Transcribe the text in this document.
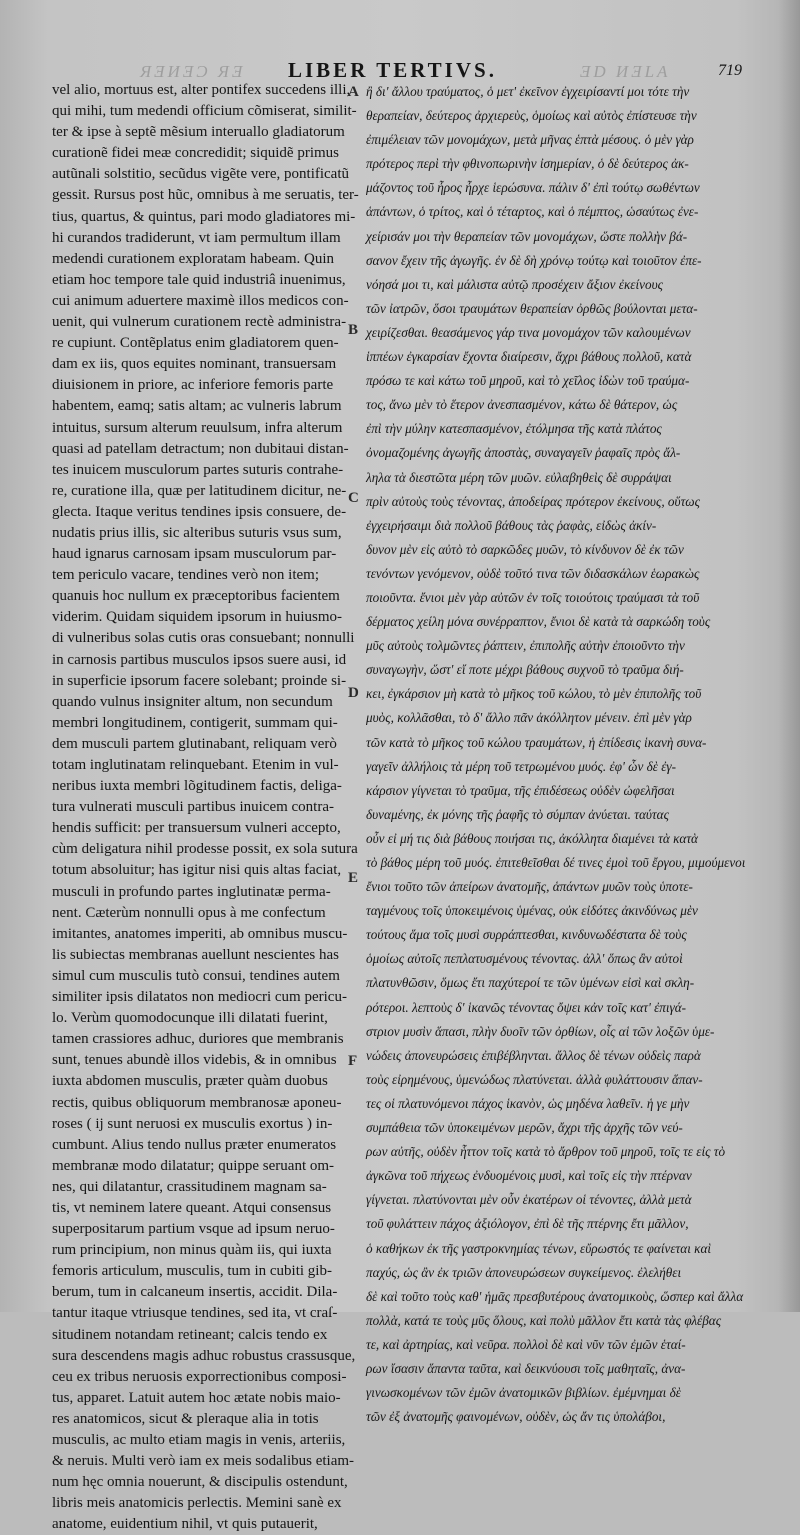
ЯƎИƎƆ ЯƎ LIBER TERTIVS.	ƎD ИƎLA	719
vel alio, mortuus est, alter pontifex succedens illi,
qui mihi, tum medendi officium cõmiserat, similit-
ter & ipse à septẽ mẽsium interuallo gladiatorum
curationẽ fidei meæ concredidit; siquidẽ primus
autũnali solstitio, secũdus vigẽte vere, pontificatũ
gessit. Rursus post hũc, omnibus à me seruatis, ter-
tius, quartus, & quintus, pari modo gladiatores mi-
hi curandos tradiderunt, vt iam permultum illam
medendi curationem exploratam habeam. Quin
etiam hoc tempore tale quid industriâ inuenimus,
cui animum aduertere maximè illos medicos con-
uenit, qui vulnerum curationem rectè administra-
re cupiunt. Contẽplatus enim gladiatorem quen-
dam ex iis, quos equites nominant, transuersam
diuisionem in priore, ac inferiore femoris parte
habentem, eamq; satis altam; ac vulneris labrum
intuitus, sursum alterum reuulsum, infra alterum
quasi ad patellam detractum; non dubitaui distan-
tes inuicem musculorum partes suturis contrahe-
re, curatione illa, quæ per latitudinem dicitur, ne-
glecta. Itaque veritus tendines ipsis consuere, de-
nudatis prius illis, sic alteribus suturis vsus sum,
haud ignarus carnosam ipsam musculorum par-
tem periculo vacare, tendines verò non item;
quanuis hoc nullum ex præceptoribus facientem
viderim. Quidam siquidem ipsorum in huiusmo-
di vulneribus solas cutis oras consuebant; nonnulli
in carnosis partibus musculos ipsos suere ausi, id
in superficie ipsorum facere solebant; proinde si-
quando vulnus insigniter altum, non secundum
membri longitudinem, contigerit, summam qui-
dem musculi partem glutinabant, reliquam verò
totam inglutinatam relinquebant. Etenim in vul-
neribus iuxta membri lõgitudinem factis, deliga-
tura vulnerati musculi partibus inuicem contra-
hendis sufficit: per transuersum vulneri accepto,
cùm deligatura nihil prodesse possit, ex sola sutura
totum absoluitur; has igitur nisi quis altas faciat,
musculi in profundo partes inglutinatæ perma-
nent. Cæterùm nonnulli opus à me confectum
imitantes, anatomes imperiti, ab omnibus muscu-
lis subiectas membranas auellunt nescientes has
simul cum musculis tutò consui, tendines autem
similiter ipsis dilatatos non mediocri cum pericu-
lo. Verùm quomodocunque illi dilatati fuerint,
tamen crassiores adhuc, duriores que membranis
sunt, tenues abundè illos videbis, & in omnibus
iuxta abdomen musculis, præter quàm duobus
rectis, quibus obliquorum membranosæ aponeu-
roses ( ij sunt neruosi ex musculis exortus ) in-
cumbunt. Alius tendo nullus præter enumeratos
membranæ modo dilatatur; quippe seruant om-
nes, qui dilatantur, crassitudinem magnam sa-
tis, vt neminem latere queant. Atqui consensus
superpositarum partium vsque ad ipsum neruo-
rum principium, non minus quàm iis, qui iuxta
femoris articulum, musculis, tum in cubiti gib-
berum, tum in calcaneum insertis, accidit. Dila-
tantur itaque vtriusque tendines, sed ita, vt craſ-
situdinem notandam retineant; calcis tendo ex
sura descendens magis adhuc robustus crassusque,
ceu ex tribus neruosis exporrectionibus composi-
tus, apparet. Latuit autem hoc ætate nobis maio-
res anatomicos, sicut & pleraque alia in totis
musculis, ac multo etiam magis in venis, arteriis,
& neruis. Multi verò iam ex meis sodalibus etiam-
num hęc omnia nouerunt, & discipulis ostendunt,
libris meis anatomicis perlectis. Memini sanè ex
anatome, euidentium nihil, vt quis putauerit,
A
B
C
D
E
F
ἢ δι' ἄλλου τραύματος, ὁ μετ' ἐκεῖνον ἐγχειρίσαντί μοι τότε τὴν
θεραπείαν, δεύτερος ἀρχιερεὺς, ὁμοίως καὶ αὐτὸς ἐπίστευσε τὴν
ἐπιμέλειαν τῶν μονομάχων, μετὰ μῆνας ἑπτὰ μέσους. ὁ μὲν γὰρ
πρότερος περὶ τὴν φθινοπωρινὴν ἰσημερίαν, ὁ δὲ δεύτερος ἀκ-
μάζοντος τοῦ ἦρος ἦρχε ἱερώσυνα. πάλιν δ' ἐπὶ τούτῳ σωθέντων
ἁπάντων, ὁ τρίτος, καὶ ὁ τέταρτος, καὶ ὁ πέμπτος, ὡσαύτως ἐνε-
χείρισάν μοι τὴν θεραπείαν τῶν μονομάχων, ὥστε πολλὴν βά-
σανον ἔχειν τῆς ἀγωγῆς. ἐν δὲ δὴ χρόνῳ τούτῳ καὶ τοιοῦτον ἐπε-
νόησά μοι τι, καὶ μάλιστα αὐτῷ προσέχειν ἄξιον ἐκείνους
τῶν ἰατρῶν, ὅσοι τραυμάτων θεραπείαν ὀρθῶς βούλονται μετα-
χειρίζεσθαι. θεασάμενος γάρ τινα μονομάχον τῶν καλουμένων
ἱππέων ἐγκαρσίαν ἔχοντα διαίρεσιν, ἄχρι βάθους πολλοῦ, κατὰ
πρόσω τε καὶ κάτω τοῦ μηροῦ, καὶ τὸ χεῖλος ἰδὼν τοῦ τραύμα-
τος, ἄνω μὲν τὸ ἕτερον ἀνεσπασμένον, κάτω δὲ θάτερον, ὡς
ἐπὶ τὴν μύλην κατεσπασμένον, ἐτόλμησα τῆς κατὰ πλάτος
ὀνομαζομένης ἀγωγῆς ἀποστὰς, συναγαγεῖν ῥαφαῖς πρὸς ἄλ-
ληλα τὰ διεστῶτα μέρη τῶν μυῶν. εὐλαβηθεὶς δὲ συρράψαι
πρὶν αὐτοὺς τοὺς τένοντας, ἀποδείρας πρότερον ἐκείνους, οὕτως
ἐγχειρήσαιμι διὰ πολλοῦ βάθους τὰς ῥαφὰς, εἰδὼς ἀκίν-
δυνον μὲν εἰς αὐτὸ τὸ σαρκῶδες μυῶν, τὸ κίνδυνον δὲ ἐκ τῶν
τενόντων γενόμενον, οὐδὲ τοῦτό τινα τῶν διδασκάλων ἑωρακὼς
ποιοῦντα. ἔνιοι μὲν γὰρ αὐτῶν ἐν τοῖς τοιούτοις τραύμασι τὰ τοῦ
δέρματος χείλη μόνα συνέρραπτον, ἔνιοι δὲ κατὰ τὰ σαρκώδη τοὺς
μῦς αὐτοὺς τολμῶντες ῥάπτειν, ἐπιπολῆς αὐτὴν ἐποιοῦντο τὴν
συναγωγὴν, ὥστ' εἴ ποτε μέχρι βάθους συχνοῦ τὸ τραῦμα διή-
κει, ἐγκάρσιον μὴ κατὰ τὸ μῆκος τοῦ κώλου, τὸ μὲν ἐπιπολῆς τοῦ
μυὸς, κολλᾶσθαι, τὸ δ' ἄλλο πᾶν ἀκόλλητον μένειν. ἐπὶ μὲν γὰρ
τῶν κατὰ τὸ μῆκος τοῦ κώλου τραυμάτων, ἡ ἐπίδεσις ἱκανὴ συνα-
γαγεῖν ἀλλήλοις τὰ μέρη τοῦ τετρωμένου μυός. ἐφ' ὧν δὲ ἐγ-
κάρσιον γίγνεται τὸ τραῦμα, τῆς ἐπιδέσεως οὐδὲν ὠφελῆσαι
δυναμένης, ἐκ μόνης τῆς ῥαφῆς τὸ σύμπαν ἀνύεται. ταύτας
οὖν εἰ μή τις διὰ βάθους ποιήσαι τις, ἀκόλλητα διαμένει τὰ κατὰ
τὸ βάθος μέρη τοῦ μυός. ἐπιτεθεῖσθαι δέ τινες ἐμοὶ τοῦ ἔργου, μιμούμενοι
ἔνιοι τοῦτο τῶν ἀπείρων ἀνατομῆς, ἁπάντων μυῶν τοὺς ὑποτε-
ταγμένους τοῖς ὑποκειμένοις ὑμένας, οὐκ εἰδότες ἀκινδύνως μὲν
τούτους ἅμα τοῖς μυσὶ συρράπτεσθαι, κινδυνωδέστατα δὲ τοὺς
ὁμοίως αὐτοῖς πεπλατυσμένους τένοντας. ἀλλ' ὅπως ἂν αὐτοὶ
πλατυνθῶσιν, ὅμως ἔτι παχύτεροί τε τῶν ὑμένων εἰσὶ καὶ σκλη-
ρότεροι. λεπτοὺς δ' ἱκανῶς τένοντας ὄψει κἀν τοῖς κατ' ἐπιγά-
στριον μυσὶν ἅπασι, πλὴν δυοῖν τῶν ὀρθίων, οἷς αἱ τῶν λοξῶν ὑμε-
νώδεις ἀπονευρώσεις ἐπιβέβληνται. ἄλλος δὲ τένων οὐδεὶς παρὰ
τοὺς εἰρημένους, ὑμενώδως πλατύνεται. ἀλλὰ φυλάττουσιν ἅπαν-
τες οἱ πλατυνόμενοι πάχος ἱκανὸν, ὡς μηδένα λαθεῖν. ἡ γε μὴν
συμπάθεια τῶν ὑποκειμένων μερῶν, ἄχρι τῆς ἀρχῆς τῶν νεύ-
ρων αὐτῆς, οὐδὲν ἧττον τοῖς κατὰ τὸ ἄρθρον τοῦ μηροῦ, τοῖς τε εἰς τὸ
ἀγκῶνα τοῦ πήχεως ἐνδυομένοις μυσὶ, καὶ τοῖς εἰς τὴν πτέρναν
γίγνεται. πλατύνονται μὲν οὖν ἑκατέρων οἱ τένοντες, ἀλλὰ μετὰ
τοῦ φυλάττειν πάχος ἀξιόλογον, ἐπὶ δὲ τῆς πτέρνης ἔτι μᾶλλον,
ὁ καθήκων ἐκ τῆς γαστροκνημίας τένων, εὔρωστός τε φαίνεται καὶ
παχύς, ὡς ἂν ἐκ τριῶν ἀπονευρώσεων συγκείμενος. ἐλελήθει
δὲ καὶ τοῦτο τοὺς καθ' ἡμᾶς πρεσβυτέρους ἀνατομικοὺς, ὥσπερ καὶ ἄλλα
πολλὰ, κατά τε τοὺς μῦς ὅλους, καὶ πολὺ μᾶλλον ἔτι κατὰ τὰς φλέβας
τε, καὶ ἀρτηρίας, καὶ νεῦρα. πολλοὶ δὲ καὶ νῦν τῶν ἐμῶν ἑταί-
ρων ἴσασιν ἅπαντα ταῦτα, καὶ δεικνύουσι τοῖς μαθηταῖς, ἀνα-
γινωσκομένων τῶν ἐμῶν ἀνατομικῶν βιβλίων. ἐμέμνημαι δὲ
τῶν ἐξ ἀνατομῆς φαινομένων, οὐδὲν, ὡς ἄν τις ὑπολάβοι,
